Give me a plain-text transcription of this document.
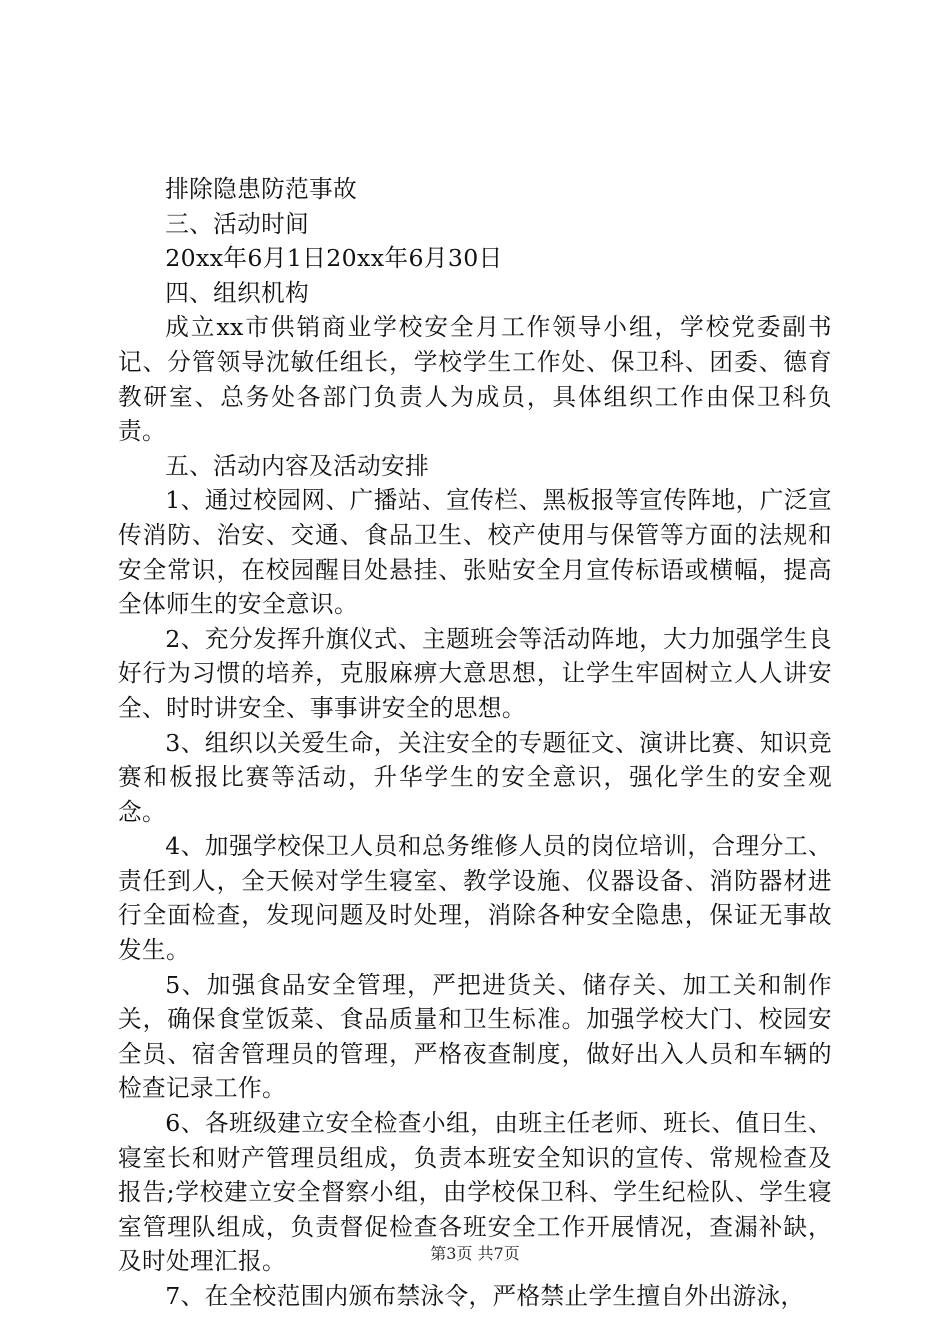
排除隐患防范事故

三、活动时间

20xx年6月1日20xx年6月30日

四、组织机构

成立xx市供销商业学校安全月工作领导小组，学校党委副书记、分管领导沈敏任组长，学校学生工作处、保卫科、团委、德育教研室、总务处各部门负责人为成员，具体组织工作由保卫科负责。

五、活动内容及活动安排

1、通过校园网、广播站、宣传栏、黑板报等宣传阵地，广泛宣传消防、治安、交通、食品卫生、校产使用与保管等方面的法规和安全常识，在校园醒目处悬挂、张贴安全月宣传标语或横幅，提高全体师生的安全意识。

2、充分发挥升旗仪式、主题班会等活动阵地，大力加强学生良好行为习惯的培养，克服麻痹大意思想，让学生牢固树立人人讲安全、时时讲安全、事事讲安全的思想。

3、组织以关爱生命，关注安全的专题征文、演讲比赛、知识竞赛和板报比赛等活动，升华学生的安全意识，强化学生的安全观念。

4、加强学校保卫人员和总务维修人员的岗位培训，合理分工、责任到人，全天候对学生寝室、教学设施、仪器设备、消防器材进行全面检查，发现问题及时处理，消除各种安全隐患，保证无事故发生。

5、加强食品安全管理，严把进货关、储存关、加工关和制作关，确保食堂饭菜、食品质量和卫生标准。加强学校大门、校园安全员、宿舍管理员的管理，严格夜查制度，做好出入人员和车辆的检查记录工作。

6、各班级建立安全检查小组，由班主任老师、班长、值日生、寝室长和财产管理员组成，负责本班安全知识的宣传、常规检查及报告;学校建立安全督察小组，由学校保卫科、学生纪检队、学生寝室管理队组成，负责督促检查各班安全工作开展情况，查漏补缺，及时处理汇报。

7、在全校范围内颁布禁泳令，严格禁止学生擅自外出游泳，

第3页 共7页
